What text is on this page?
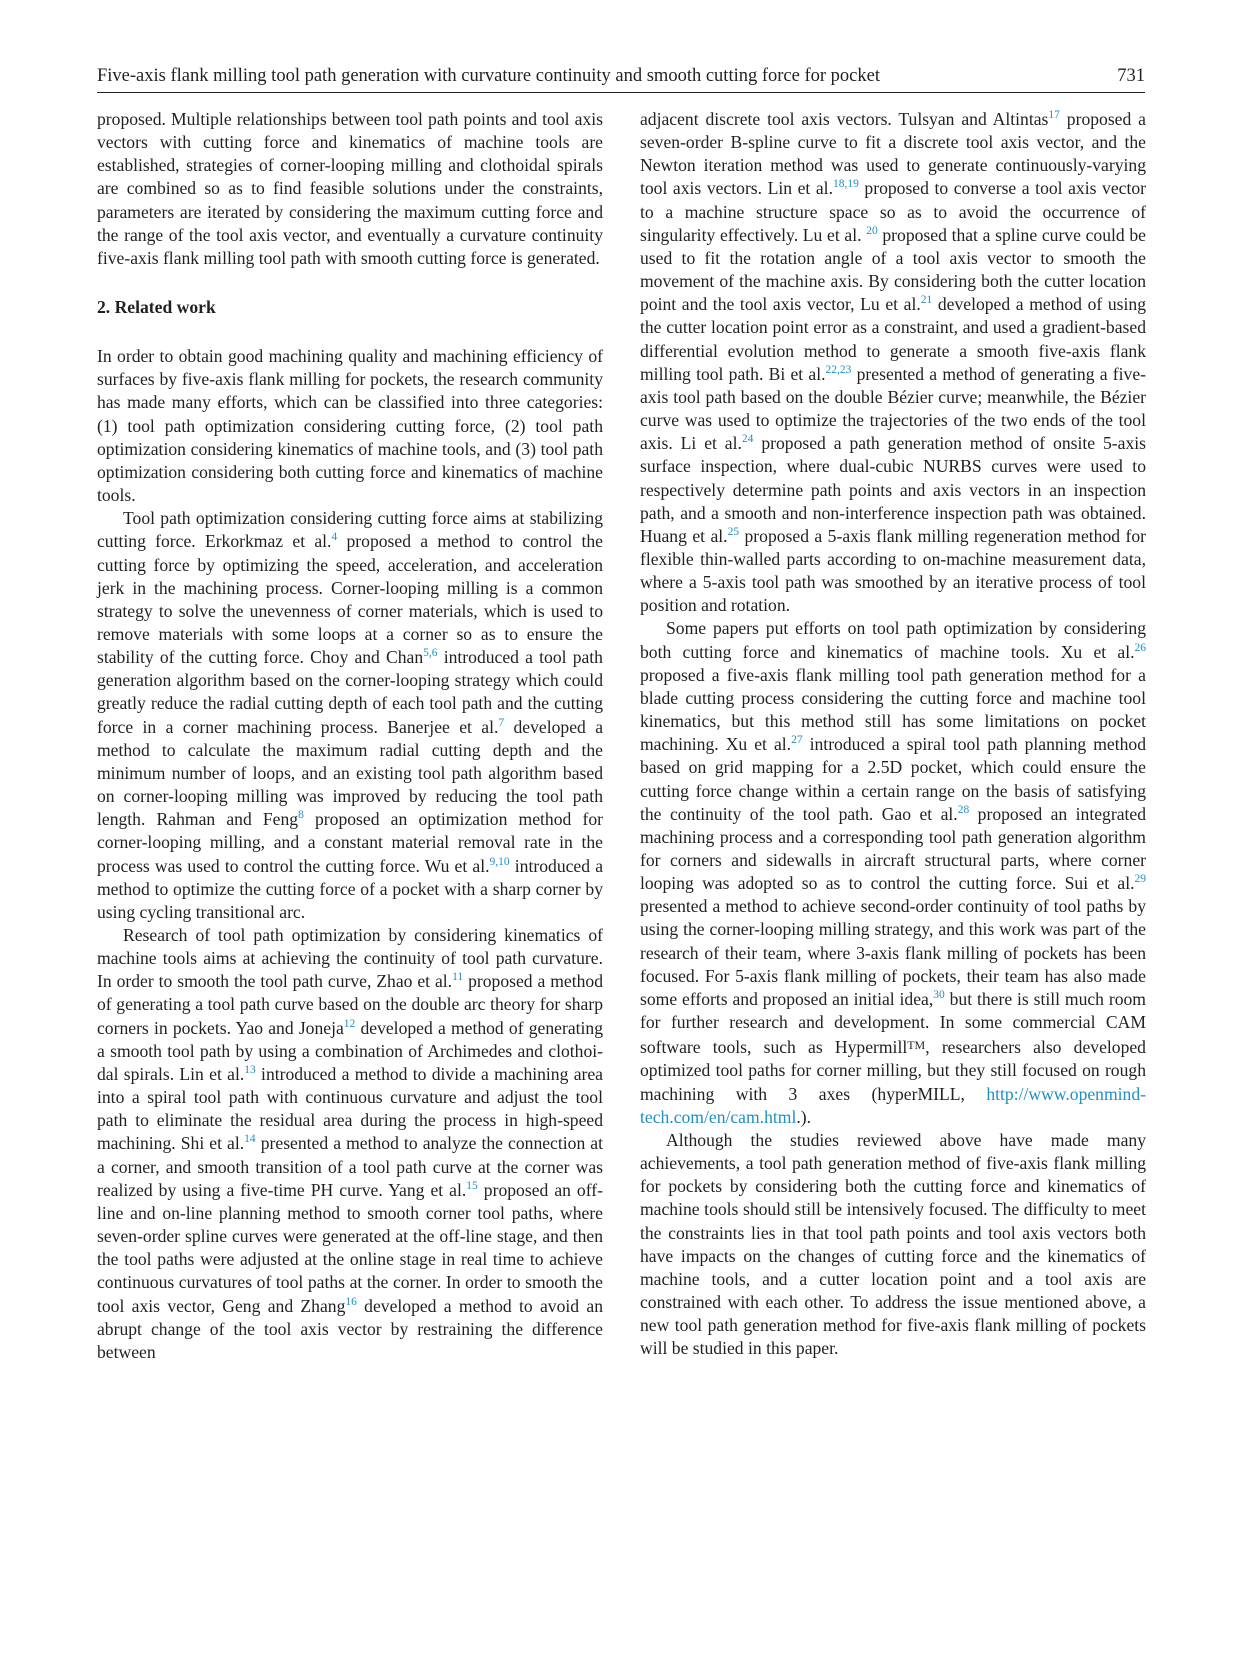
Five-axis flank milling tool path generation with curvature continuity and smooth cutting force for pocket	731

proposed. Multiple relationships between tool path points and tool axis vectors with cutting force and kinematics of machine tools are established, strategies of corner-looping milling and clothoidal spirals are combined so as to find feasible solutions under the constraints, parameters are iterated by considering the maximum cutting force and the range of the tool axis vector, and eventually a curvature continuity five-axis flank milling tool path with smooth cutting force is generated.

2. Related work

In order to obtain good machining quality and machining efficiency of surfaces by five-axis flank milling for pockets, the research community has made many efforts, which can be classified into three categories: (1) tool path optimization considering cutting force, (2) tool path optimization considering kinematics of machine tools, and (3) tool path optimization considering both cutting force and kinematics of machine tools.

Tool path optimization considering cutting force aims at stabilizing cutting force. Erkorkmaz et al.$^4$ proposed a method to control the cutting force by optimizing the speed, acceleration, and acceleration jerk in the machining process. Corner-looping milling is a common strategy to solve the unevenness of corner materials, which is used to remove materials with some loops at a corner so as to ensure the stability of the cutting force. Choy and Chan$^{5,6}$ introduced a tool path generation algorithm based on the corner-looping strategy which could greatly reduce the radial cutting depth of each tool path and the cutting force in a corner machining process. Banerjee et al.$^7$ developed a method to calculate the maximum radial cutting depth and the minimum number of loops, and an existing tool path algorithm based on corner-looping milling was improved by reducing the tool path length. Rahman and Feng$^8$ proposed an optimization method for corner-looping milling, and a constant material removal rate in the process was used to control the cutting force. Wu et al.$^{9,10}$ introduced a method to optimize the cutting force of a pocket with a sharp corner by using cycling transitional arc.

Research of tool path optimization by considering kinematics of machine tools aims at achieving the continuity of tool path curvature. In order to smooth the tool path curve, Zhao et al.$^{11}$ proposed a method of generating a tool path curve based on the double arc theory for sharp corners in pockets. Yao and Joneja$^{12}$ developed a method of generating a smooth tool path by using a combination of Archimedes and clothoidal spirals. Lin et al.$^{13}$ introduced a method to divide a machining area into a spiral tool path with continuous curvature and adjust the tool path to eliminate the residual area during the process in high-speed machining. Shi et al.$^{14}$ presented a method to analyze the connection at a corner, and smooth transition of a tool path curve at the corner was realized by using a five-time PH curve. Yang et al.$^{15}$ proposed an off-line and on-line planning method to smooth corner tool paths, where seven-order spline curves were generated at the off-line stage, and then the tool paths were adjusted at the online stage in real time to achieve continuous curvatures of tool paths at the corner. In order to smooth the tool axis vector, Geng and Zhang$^{16}$ developed a method to avoid an abrupt change of the tool axis vector by restraining the difference between

adjacent discrete tool axis vectors. Tulsyan and Altintas$^{17}$ proposed a seven-order B-spline curve to fit a discrete tool axis vector, and the Newton iteration method was used to generate continuously-varying tool axis vectors. Lin et al.$^{18,19}$ proposed to converse a tool axis vector to a machine structure space so as to avoid the occurrence of singularity effectively. Lu et al. $^{20}$ proposed that a spline curve could be used to fit the rotation angle of a tool axis vector to smooth the movement of the machine axis. By considering both the cutter location point and the tool axis vector, Lu et al.$^{21}$ developed a method of using the cutter location point error as a constraint, and used a gradient-based differential evolution method to generate a smooth five-axis flank milling tool path. Bi et al.$^{22,23}$ presented a method of generating a five-axis tool path based on the double Bézier curve; meanwhile, the Bézier curve was used to optimize the trajectories of the two ends of the tool axis. Li et al.$^{24}$ proposed a path generation method of onsite 5-axis surface inspection, where dual-cubic NURBS curves were used to respectively determine path points and axis vectors in an inspection path, and a smooth and non-interference inspection path was obtained. Huang et al.$^{25}$ proposed a 5-axis flank milling regeneration method for flexible thin-walled parts according to on-machine measurement data, where a 5-axis tool path was smoothed by an iterative process of tool position and rotation.

Some papers put efforts on tool path optimization by considering both cutting force and kinematics of machine tools. Xu et al.$^{26}$ proposed a five-axis flank milling tool path generation method for a blade cutting process considering the cutting force and machine tool kinematics, but this method still has some limitations on pocket machining. Xu et al.$^{27}$ introduced a spiral tool path planning method based on grid mapping for a 2.5D pocket, which could ensure the cutting force change within a certain range on the basis of satisfying the continuity of the tool path. Gao et al.$^{28}$ proposed an integrated machining process and a corresponding tool path generation algorithm for corners and sidewalls in aircraft structural parts, where corner looping was adopted so as to control the cutting force. Sui et al.$^{29}$ presented a method to achieve second-order continuity of tool paths by using the corner-looping milling strategy, and this work was part of the research of their team, where 3-axis flank milling of pockets has been focused. For 5-axis flank milling of pockets, their team has also made some efforts and proposed an initial idea,$^{30}$ but there is still much room for further research and development. In some commercial CAM software tools, such as Hypermill™, researchers also developed optimized tool paths for corner milling, but they still focused on rough machining with 3 axes (hyperMILL, http://www.openmind-tech.com/en/cam.html.).

Although the studies reviewed above have made many achievements, a tool path generation method of five-axis flank milling for pockets by considering both the cutting force and kinematics of machine tools should still be intensively focused. The difficulty to meet the constraints lies in that tool path points and tool axis vectors both have impacts on the changes of cutting force and the kinematics of machine tools, and a cutter location point and a tool axis are constrained with each other. To address the issue mentioned above, a new tool path generation method for five-axis flank milling of pockets will be studied in this paper.
